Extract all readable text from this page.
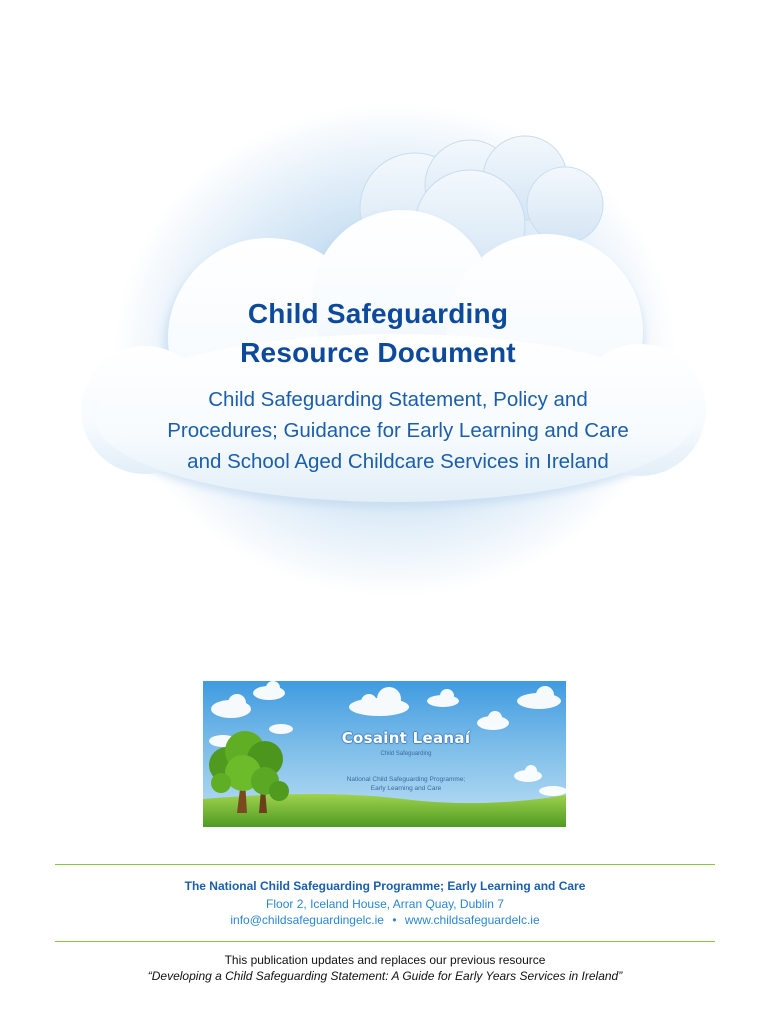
Child Safeguarding
Resource Document
Child Safeguarding Statement, Policy and
Procedures; Guidance for Early Learning and Care
and School Aged Childcare Services in Ireland
Cosaint Leanaí
Child Safeguarding
National Child Safeguarding Programme;
Early Learning and Care
The National Child Safeguarding Programme; Early Learning and Care
Floor 2, Iceland House, Arran Quay, Dublin 7
info@childsafeguardingelc.ie • www.childsafeguardelc.ie
This publication updates and replaces our previous resource
“Developing a Child Safeguarding Statement: A Guide for Early Years Services in Ireland”
